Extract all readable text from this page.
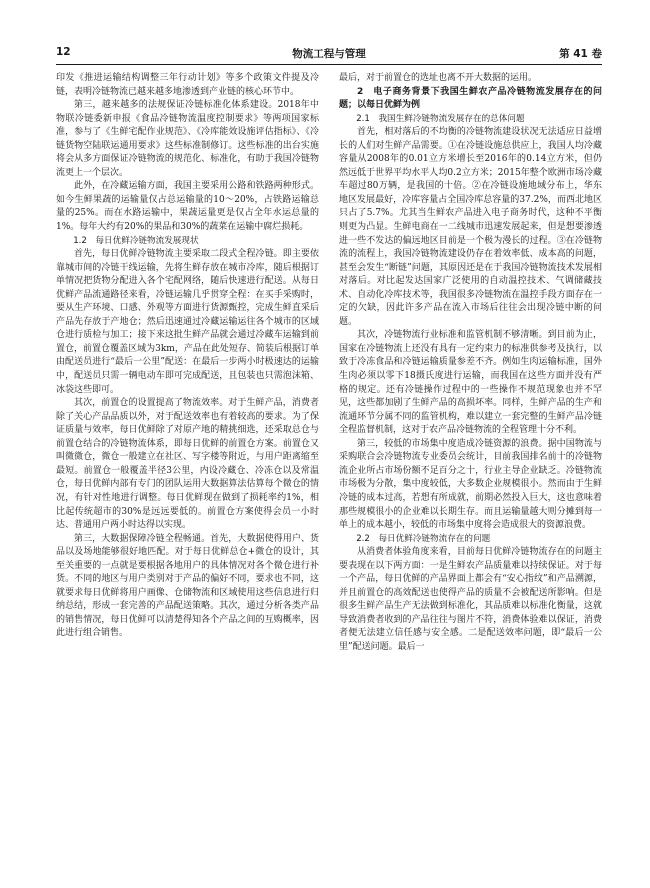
12	物流工程与管理	第 41 卷

印发《推进运输结构调整三年行动计划》等多个政策文件提及冷链，表明冷链物流已越来越多地渗透到产业链的核心环节中。

第三，越来越多的法规保证冷链标准化体系建设。2018年中物联冷链委新申报《食品冷链物流温度控制要求》等两项国家标准，参与了《生鲜宅配作业规范》、《冷库能效设施评估指标》、《冷链货物空陆联运通用要求》这些标准制修订。这些标准的出台实施将会从多方面保证冷链物流的规范化、标准化，有助于我国冷链物流更上一个层次。

此外，在冷藏运输方面，我国主要采用公路和铁路两种形式。如今生鲜果蔬的运输量仅占总运输量的10～20%，占铁路运输总量的25%。而在水路运输中，果蔬运量更是仅占全年水运总量的1%。每年大约有20%的果品和30%的蔬菜在运输中腐烂损耗。

1.2　每日优鲜冷链物流发展现状

首先，每日优鲜冷链物流主要采取二段式全程冷链。即主要依靠城市间的冷链干线运输，先将生鲜存放在城市冷库，随后根据订单情况把货物分配进入各个宅配网络，随后快速进行配送。从每日优鲜产品流通路径来看，冷链运输几乎贯穿全程：在买手采购时，要从生产环境、口感、外观等方面进行货源甄控，完成生鲜直采后产品先存放于产地仓；然后迅速通过冷藏运输运往各个城市的区域仓进行质检与加工；接下来这批生鲜产品就会通过冷藏车运输到前置仓，前置仓覆盖区域为3km，产品在此处短存、简装后根据订单由配送员进行“最后一公里”配送：在最后一步两小时极速达的运输中，配送员只需一辆电动车即可完成配送，且包装也只需泡沫箱、冰袋这些即可。

其次，前置仓的设置提高了物流效率。对于生鲜产品，消费者除了关心产品品质以外，对于配送效率也有着较高的要求。为了保证质量与效率，每日优鲜除了对原产地的精挑细选，还采取总仓与前置仓结合的冷链物流体系，即每日优鲜的前置仓方案。前置仓又叫微微仓，微仓一般建立在社区、写字楼等附近，与用户距离缩至最短。前置仓一般覆盖半径3公里，内设冷藏仓、冷冻仓以及常温仓，每日优鲜内部有专门的团队运用大数据算法估算每个微仓的情况，有针对性地进行调整。每日优鲜现在做到了损耗率约1%，相比起传统超市的30%是远远要低的。前置仓方案使得会员一小时达、普通用户两小时达得以实现。

第三，大数据保障冷链全程畅通。首先，大数据使得用户、货品以及场地能够很好地匹配。对于每日优鲜总仓+微仓的设计，其至关重要的一点就是要根据各地用户的具体情况对各个微仓进行补货。不同的地区与用户类别对于产品的偏好不同，要求也不同，这就要求每日优鲜将用户画像、仓储物流和区域使用这些信息进行归纳总结，形成一套完善的产品配送策略。其次，通过分析各类产品的销售情况，每日优鲜可以清楚得知各个产品之间的互购概率，因此进行组合销售。

最后，对于前置仓的选址也离不开大数据的运用。

2　电子商务背景下我国生鲜农产品冷链物流发展存在的问题；以每日优鲜为例

2.1　我国生鲜冷链物流发展存在的总体问题

首先，相对落后的不均衡的冷链物流建设状况无法适应日益增长的人们对生鲜产品需要。①在冷链设施总供应上，我国人均冷藏容量从2008年的0.01立方米增长至2016年的0.14立方米，但仍然远低于世界平均水平人均0.2立方米；2015年整个欧洲市场冷藏车超过80万辆，是我国的十倍。②在冷链设施地域分布上，华东地区发展最好，冷库容量占全国冷库总容量的37.2%，而西北地区只占了5.7%。尤其当生鲜农产品进入电子商务时代，这种不平衡则更为凸显。生鲜电商在一二线城市迅速发展起来，但是想要渗透进一些不发达的偏远地区目前是一个极为漫长的过程。③在冷链物流的流程上，我国冷链物流建设仍存在着效率低、成本高的问题，甚至会发生“断链”问题，其原因还是在于我国冷链物流技术发展相对落后。对比起发达国家广泛使用的自动温控技术、气调储藏技术、自动化冷库技术等，我国很多冷链物流在温控手段方面存在一定的欠缺，因此许多产品在流入市场后往往会出现冷链中断的问题。

其次，冷链物流行业标准和监管机制不够清晰。到目前为止，国家在冷链物流上还没有具有一定约束力的标准供参考及执行，以致于冷冻食品和冷链运输质量参差不齐。例如生肉运输标准，国外生肉必须以零下18摄氏度进行运输，而我国在这些方面并没有严格的规定。还有冷链操作过程中的一些操作不规范现象也并不罕见，这些都加剧了生鲜产品的高损坏率。同样，生鲜产品的生产和流通环节分属不同的监管机构，难以建立一套完整的生鲜产品冷链全程监督机制，这对于农产品冷链物流的全程管理十分不利。

第三，较低的市场集中度造成冷链资源的浪费。据中国物流与采购联合会冷链物流专业委员会统计，目前我国排名前十的冷链物流企业所占市场份额不足百分之十，行业主导企业缺乏。冷链物流市场极为分散，集中度较低，大多数企业规模很小。然而由于生鲜冷链的成本过高，若想有所成就，前期必然投入巨大，这也意味着那些规模很小的企业难以长期生存。而且运输量越大则分摊到每一单上的成本越小，较低的市场集中度将会造成很大的资源浪费。

2.2　每日优鲜冷链物流存在的问题

从消费者体验角度来看，目前每日优鲜冷链物流存在的问题主要表现在以下两方面：一是生鲜农产品质量难以持续保证。对于每一个产品，每日优鲜的产品界面上都会有“安心指纹”和产品溯源，并且前置仓的高效配送也使得产品的质量不会被配送所影响。但是很多生鲜产品生产无法做到标准化，其品质难以标准化衡量，这就导致消费者收到的产品往往与图片不符，消费体验难以保证，消费者便无法建立信任感与安全感。二是配送效率问题，即“最后一公里”配送问题。最后一
